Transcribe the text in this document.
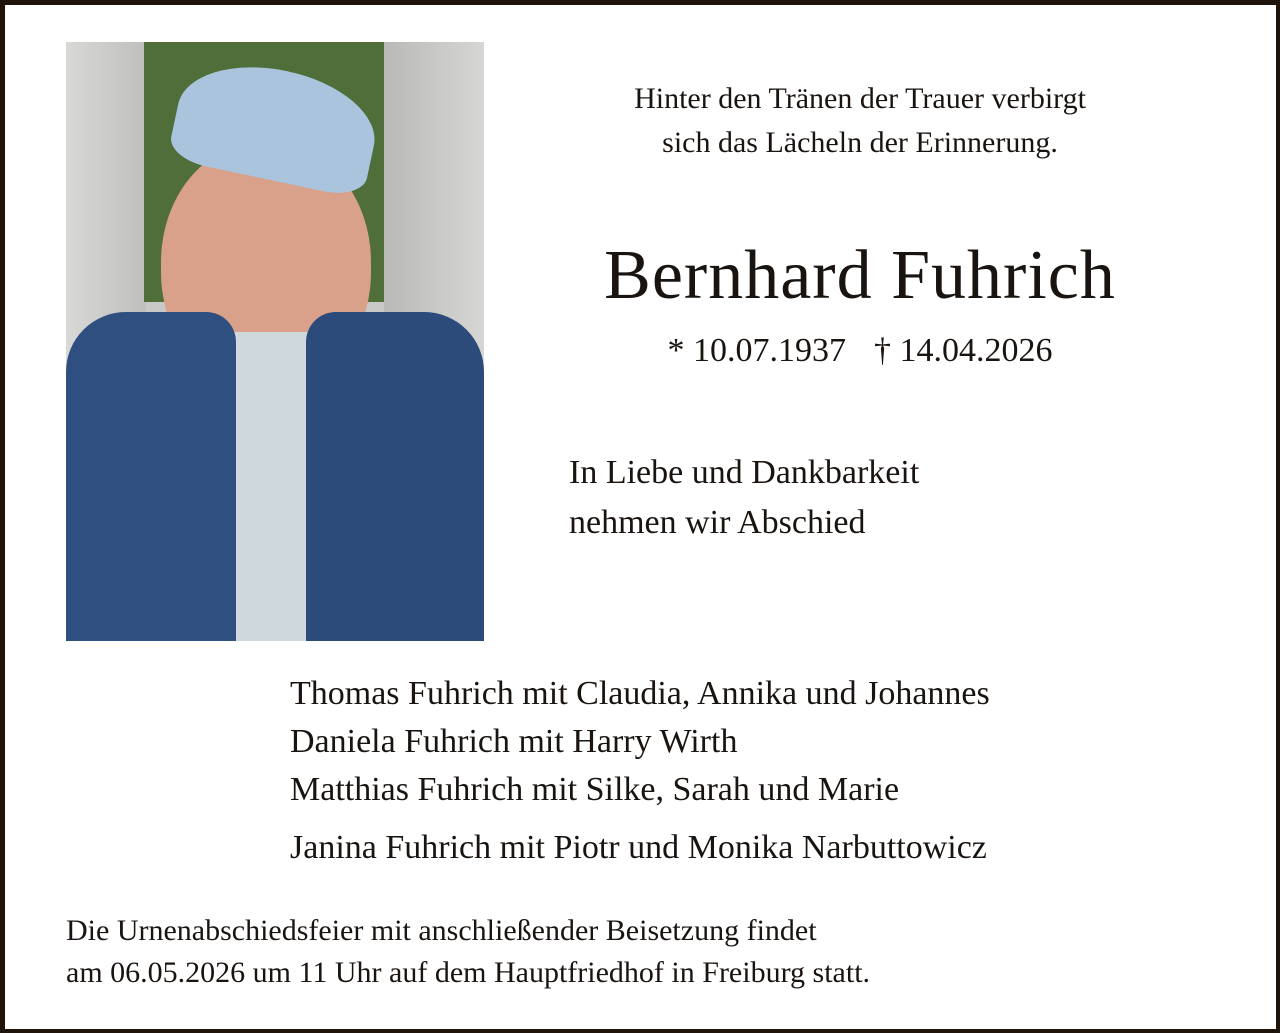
Hinter den Tränen der Trauer verbirgt
sich das Lächeln der Erinnerung.
Bernhard Fuhrich
* 10.07.1937 † 14.04.2026
In Liebe und Dankbarkeit
nehmen wir Abschied
Thomas Fuhrich mit Claudia, Annika und Johannes
Daniela Fuhrich mit Harry Wirth
Matthias Fuhrich mit Silke, Sarah und Marie
Janina Fuhrich mit Piotr und Monika Narbuttowicz
Die Urnenabschiedsfeier mit anschließender Beisetzung findet
am 06.05.2026 um 11 Uhr auf dem Hauptfriedhof in Freiburg statt.
